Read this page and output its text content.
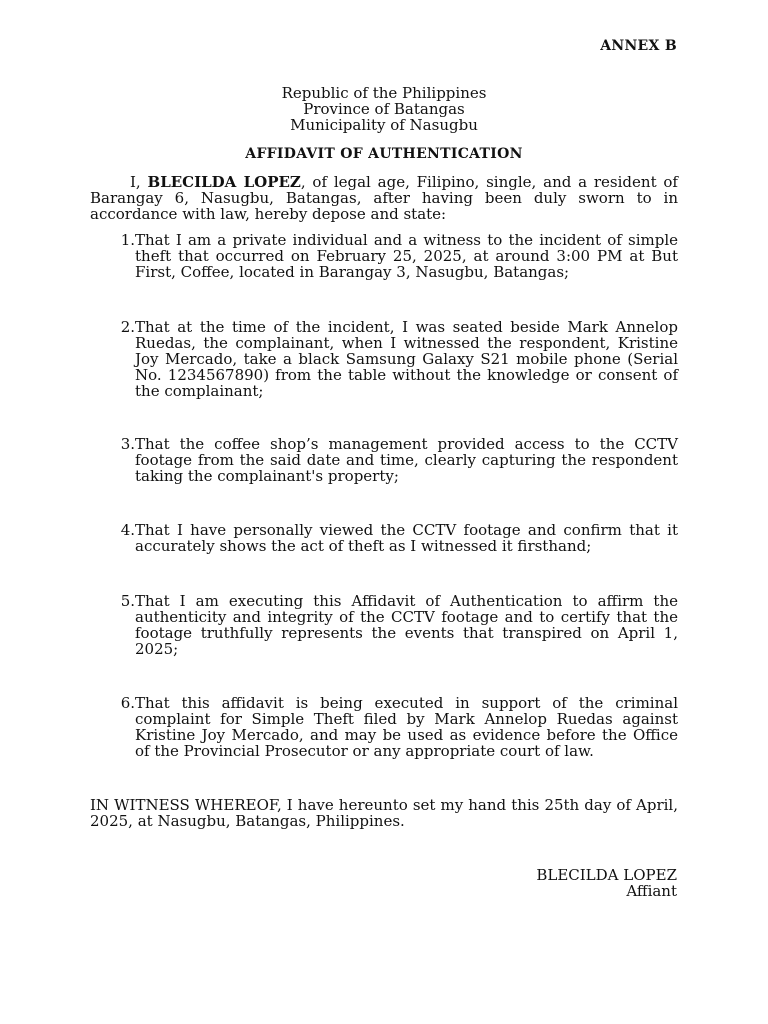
ANNEX B
Republic of the Philippines
Province of Batangas
Municipality of Nasugbu
AFFIDAVIT OF AUTHENTICATION
I, BLECILDA LOPEZ, of legal age, Filipino, single, and a resident of Barangay 6, Nasugbu, Batangas, after having been duly sworn to in accordance with law, hereby depose and state:
1. That I am a private individual and a witness to the incident of simple theft that occurred on February 25, 2025, at around 3:00 PM at But First, Coffee, located in Barangay 3, Nasugbu, Batangas;
2. That at the time of the incident, I was seated beside Mark Annelop Ruedas, the complainant, when I witnessed the respondent, Kristine Joy Mercado, take a black Samsung Galaxy S21 mobile phone (Serial No. 1234567890) from the table without the knowledge or consent of the complainant;
3. That the coffee shop’s management provided access to the CCTV footage from the said date and time, clearly capturing the respondent taking the complainant's property;
4. That I have personally viewed the CCTV footage and confirm that it accurately shows the act of theft as I witnessed it firsthand;
5. That I am executing this Affidavit of Authentication to affirm the authenticity and integrity of the CCTV footage and to certify that the footage truthfully represents the events that transpired on April 1, 2025;
6. That this affidavit is being executed in support of the criminal complaint for Simple Theft filed by Mark Annelop Ruedas against Kristine Joy Mercado, and may be used as evidence before the Office of the Provincial Prosecutor or any appropriate court of law.
IN WITNESS WHEREOF, I have hereunto set my hand this 25th day of April, 2025, at Nasugbu, Batangas, Philippines.
BLECILDA LOPEZ
Affiant
